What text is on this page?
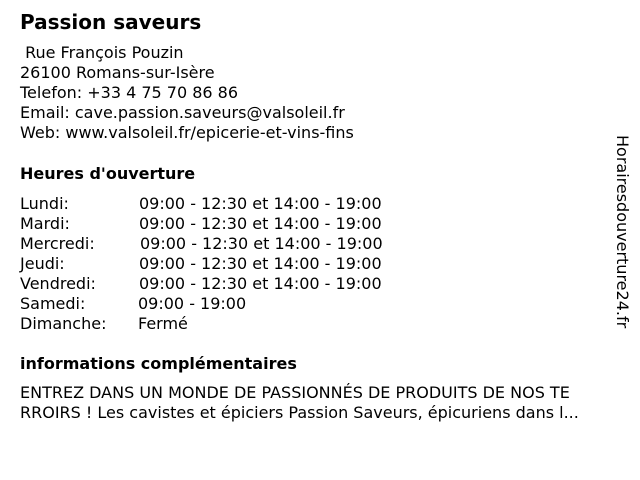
Passion saveurs
Rue François Pouzin
26100 Romans-sur-Isère
Telefon: +33 4 75 70 86 86
Email: cave.passion.saveurs@valsoleil.fr
Web: www.valsoleil.fr/epicerie-et-vins-fins
Heures d'ouverture
Lundi:	09:00 - 12:30 et 14:00 - 19:00
Mardi:	09:00 - 12:30 et 14:00 - 19:00
Mercredi:	09:00 - 12:30 et 14:00 - 19:00
Jeudi:	09:00 - 12:30 et 14:00 - 19:00
Vendredi:	09:00 - 12:30 et 14:00 - 19:00
Samedi:	09:00 - 19:00
Dimanche: Fermé
informations complémentaires
ENTREZ DANS UN MONDE DE PASSIONNÉS DE PRODUITS DE NOS TE
RROIRS ! Les cavistes et épiciers Passion Saveurs, épicuriens dans l...
Horairesdouverture24.fr
